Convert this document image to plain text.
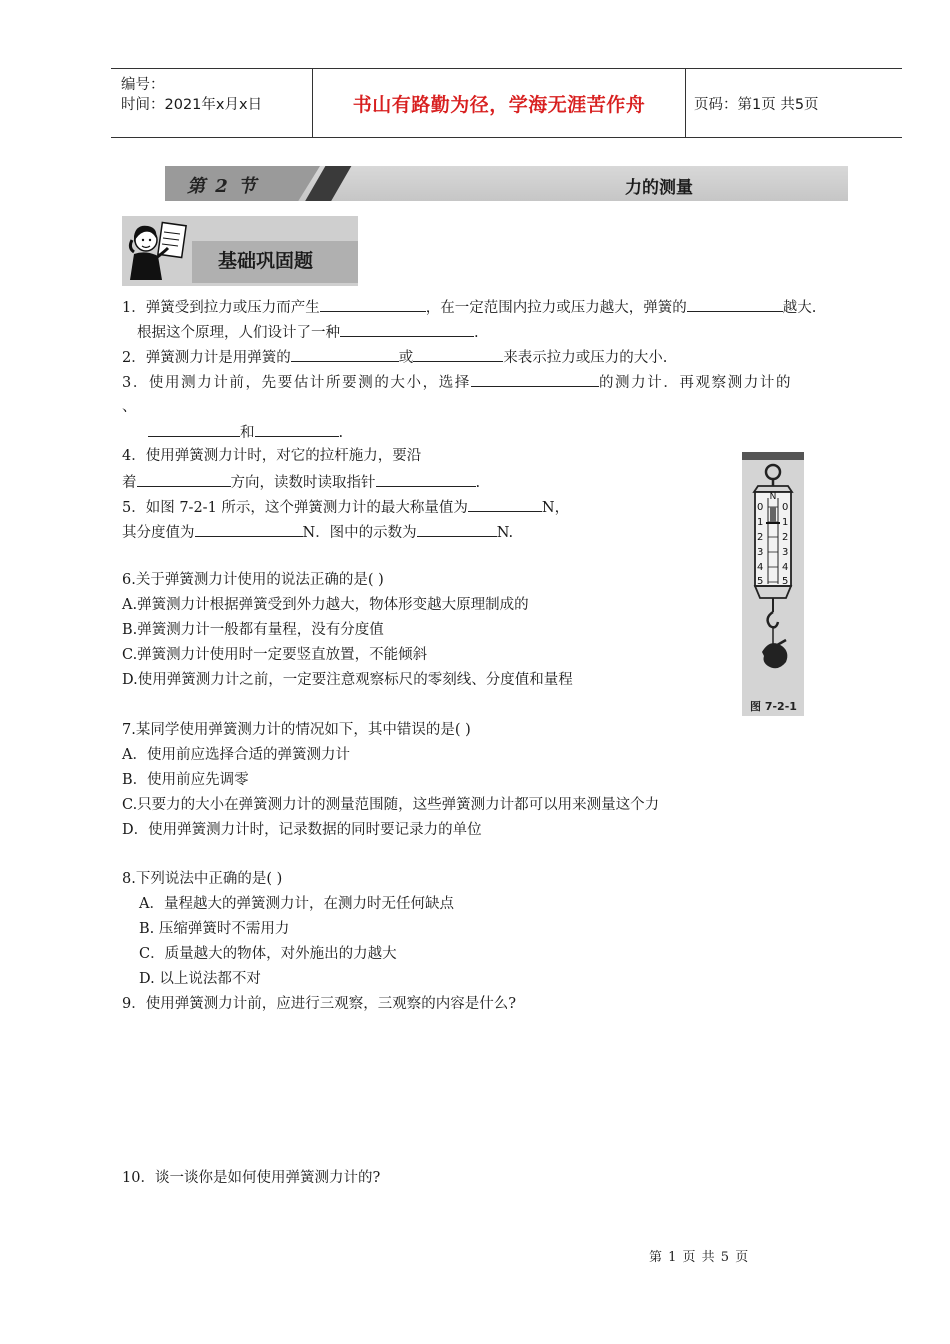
编号：
时间：2021年x月x日	书山有路勤为径，学海无涯苦作舟	页码：第1页 共5页
第 2 节	力的测量
基础巩固题
1．弹簧受到拉力或压力而产生	，在一定范围内拉力或压力越大，弹簧的	越大.
根据这个原理，人们设计了一种	.
2．弹簧测力计是用弹簧的	或	来表示拉力或压力的大小.
3．使用测力计前，先要估计所要测的大小，选择	的测力计．再观察测力计的
、
和	.
4．使用弹簧测力计时，对它的拉杆施力，要沿
着	方向，读数时读取指针	.
5．如图 7-2-1 所示，这个弹簧测力计的最大称量值为	N，
其分度值为	N．图中的示数为	N.
6.关于弹簧测力计使用的说法正确的是( )
A.弹簧测力计根据弹簧受到外力越大，物体形变越大原理制成的
B.弹簧测力计一般都有量程，没有分度值
C.弹簧测力计使用时一定要竖直放置，不能倾斜
D.使用弹簧测力计之前，一定要注意观察标尺的零刻线、分度值和量程
N
0
1
2
3
4
5
0
1
2
3
4
5
图 7-2-1
7.某同学使用弹簧测力计的情况如下，其中错误的是( )
A．使用前应选择合适的弹簧测力计
B．使用前应先调零
C.只要力的大小在弹簧测力计的测量范围随，这些弹簧测力计都可以用来测量这个力
D．使用弹簧测力计时，记录数据的同时要记录力的单位
8.下列说法中正确的是( )
A．量程越大的弹簧测力计，在测力时无任何缺点
B. 压缩弹簧时不需用力
C．质量越大的物体，对外施出的力越大
D. 以上说法都不对
9．使用弹簧测力计前，应进行三观察，三观察的内容是什么?
10．谈一谈你是如何使用弹簧测力计的?
第 1 页 共 5 页
